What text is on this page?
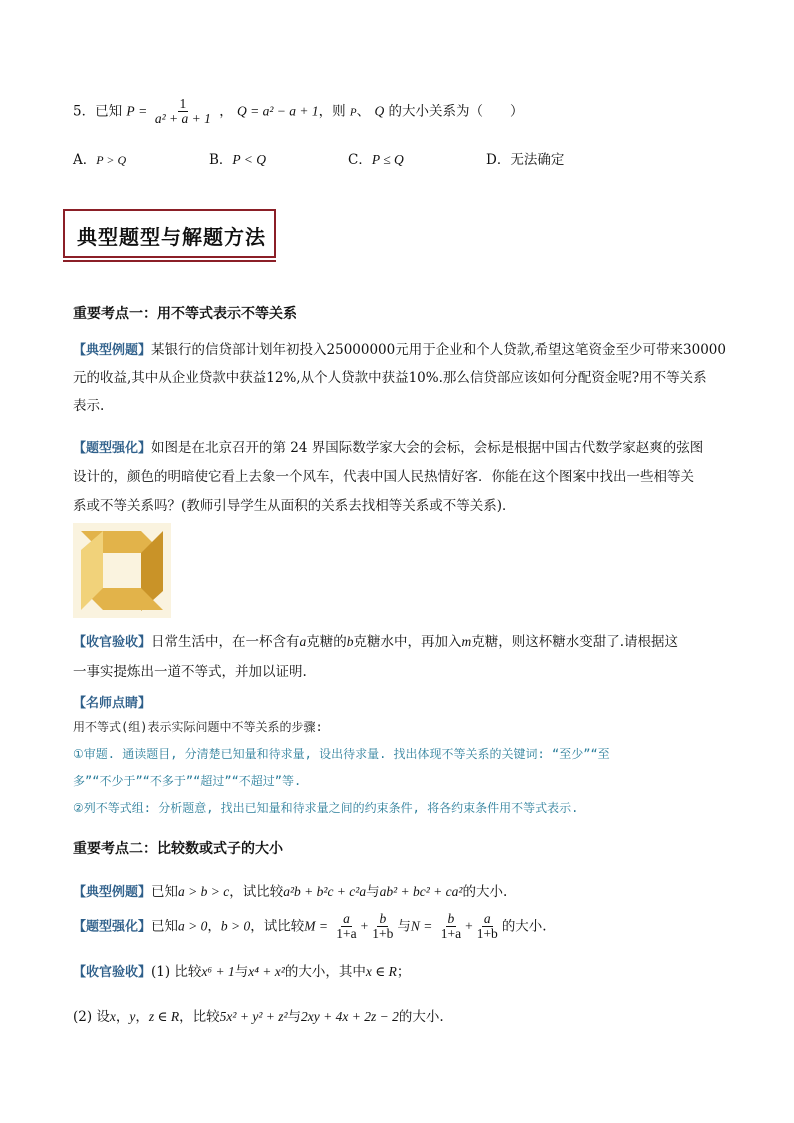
5．已知 $P = \frac{1}{\text{a² + a + 1}}$ ， Q = a² − a + 1，则 P、 Q 的大小关系为（　　）
A．P > Q	B．P < Q	C．P ≤ Q	D．无法确定
典型题型与解题方法
重要考点一：用不等式表示不等关系
【典型例题】某银行的信贷部计划年初投入25000000元用于企业和个人贷款,希望这笔资金至少可带来30000
元的收益,其中从企业贷款中获益12%,从个人贷款中获益10%.那么信贷部应该如何分配资金呢?用不等关系
表示.
【题型强化】如图是在北京召开的第 24 界国际数学家大会的会标，会标是根据中国古代数学家赵爽的弦图
设计的，颜色的明暗使它看上去象一个风车，代表中国人民热情好客．你能在这个图案中找出一些相等关
系或不等关系吗？(教师引导学生从面积的关系去找相等关系或不等关系)．
【收官验收】日常生活中，在一杯含有a克糖的b克糖水中，再加入m克糖，则这杯糖水变甜了.请根据这
一事实提炼出一道不等式，并加以证明.
【名师点睛】
用不等式(组)表示实际问题中不等关系的步骤:
①审题. 通读题目, 分清楚已知量和待求量, 设出待求量. 找出体现不等关系的关键词: “至少”“至
多”“不少于”“不多于”“超过”“不超过”等.
②列不等式组: 分析题意, 找出已知量和待求量之间的约束条件, 将各约束条件用不等式表示.
重要考点二：比较数或式子的大小
【典型例题】已知a > b > c，试比较a²b + b²c + c²a与ab² + bc² + ca²的大小.
【题型强化】已知a > 0，b > 0，试比较$M = \frac{a}{1+a} + \frac{b}{1+b}$ 与$N = \frac{b}{1+a} + \frac{a}{1+b}$ 的大小.
【收官验收】(1) 比较x⁶ + 1与x⁴ + x²的大小，其中x ∈ R；
(2) 设x，y，z ∈ R，比较5x² + y² + z²与2xy + 4x + 2z − 2的大小.
